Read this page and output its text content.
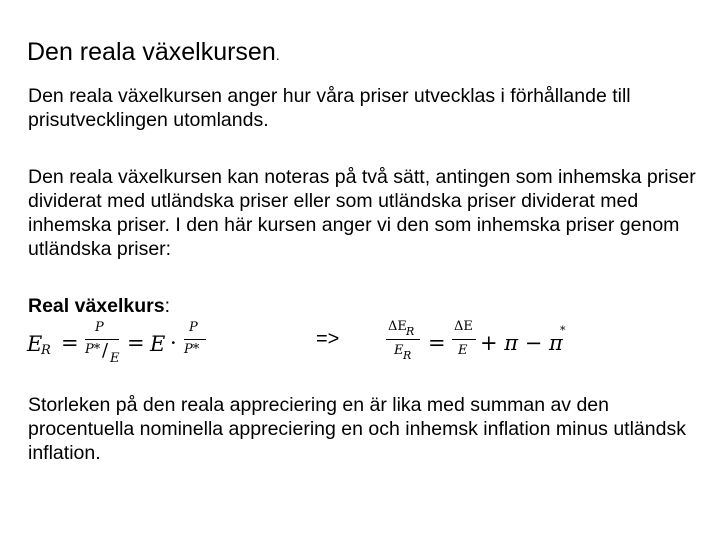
Den reala växelkursen.

Den reala växelkursen anger hur våra priser utvecklas i förhållande till prisutvecklingen utomlands.

Den reala växelkursen kan noteras på två sätt, antingen som inhemska priser dividerat med utländska priser eller som utländska priser dividerat med inhemska priser. I den här kursen anger vi den som inhemska priser genom utländska priser:

Real växelkurs:
E
R =
P
P* / E
= E ·
P
P*	=>
ΔE R
E R
=
ΔE
E + π − π
*

Storleken på den reala appreciering en är lika med summan av den procentuella nominella appreciering en och inhemsk inflation minus utländsk inflation.
